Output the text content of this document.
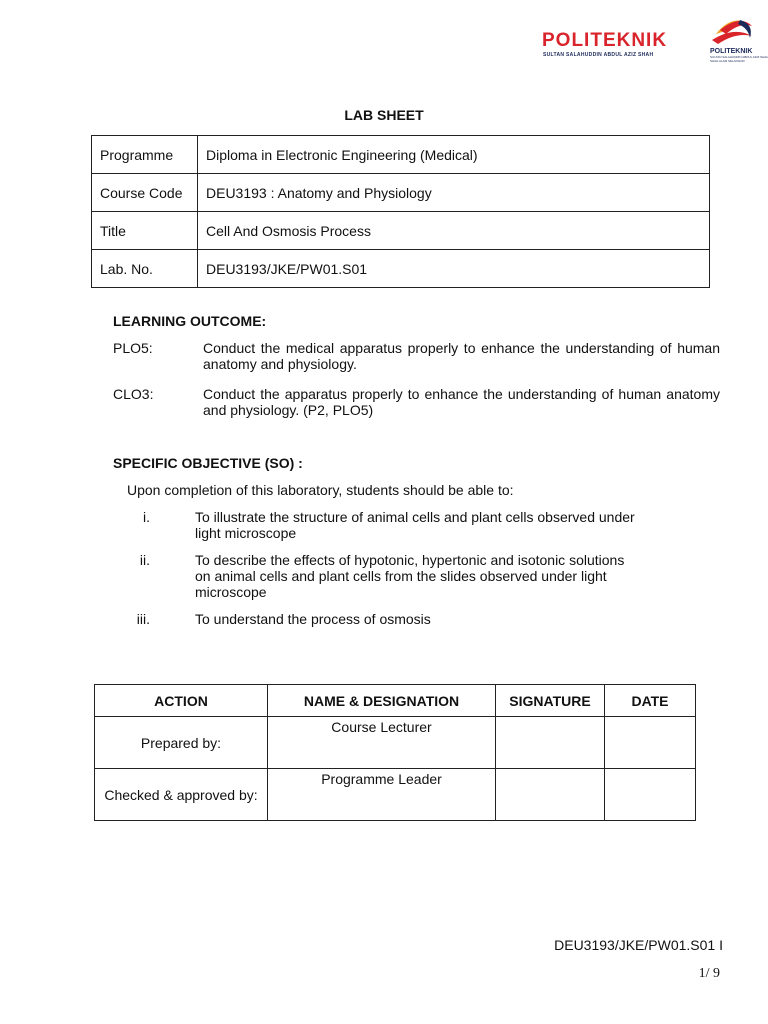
POLITEKNIK
SULTAN SALAHUDDIN ABDUL AZIZ SHAH	POLITEKNIK
SULTAN SALAHUDDIN ABDUL AZIZ SHAH
SHAH ALAM SELANGOR
LAB SHEET
Programme	Diploma in Electronic Engineering (Medical)
Course Code	DEU3193 : Anatomy and Physiology
Title	Cell And Osmosis Process
Lab. No.	DEU3193/JKE/PW01.S01
LEARNING OUTCOME:
PLO5:	Conduct the medical apparatus properly to enhance the understanding of human anatomy and physiology.
CLO3:	Conduct the apparatus properly to enhance the understanding of human anatomy and physiology. (P2, PLO5)
SPECIFIC OBJECTIVE (SO) :
Upon completion of this laboratory, students should be able to:
i.	To illustrate the structure of animal cells and plant cells observed under light microscope
ii.	To describe the effects of hypotonic, hypertonic and isotonic solutions on animal cells and plant cells from the slides observed under light microscope
iii.	To understand the process of osmosis
ACTION	NAME & DESIGNATION	SIGNATURE	DATE
Prepared by:	Course Lecturer		
Checked & approved by:	Programme Leader		
DEU3193/JKE/PW01.S01 I
1/ 9
